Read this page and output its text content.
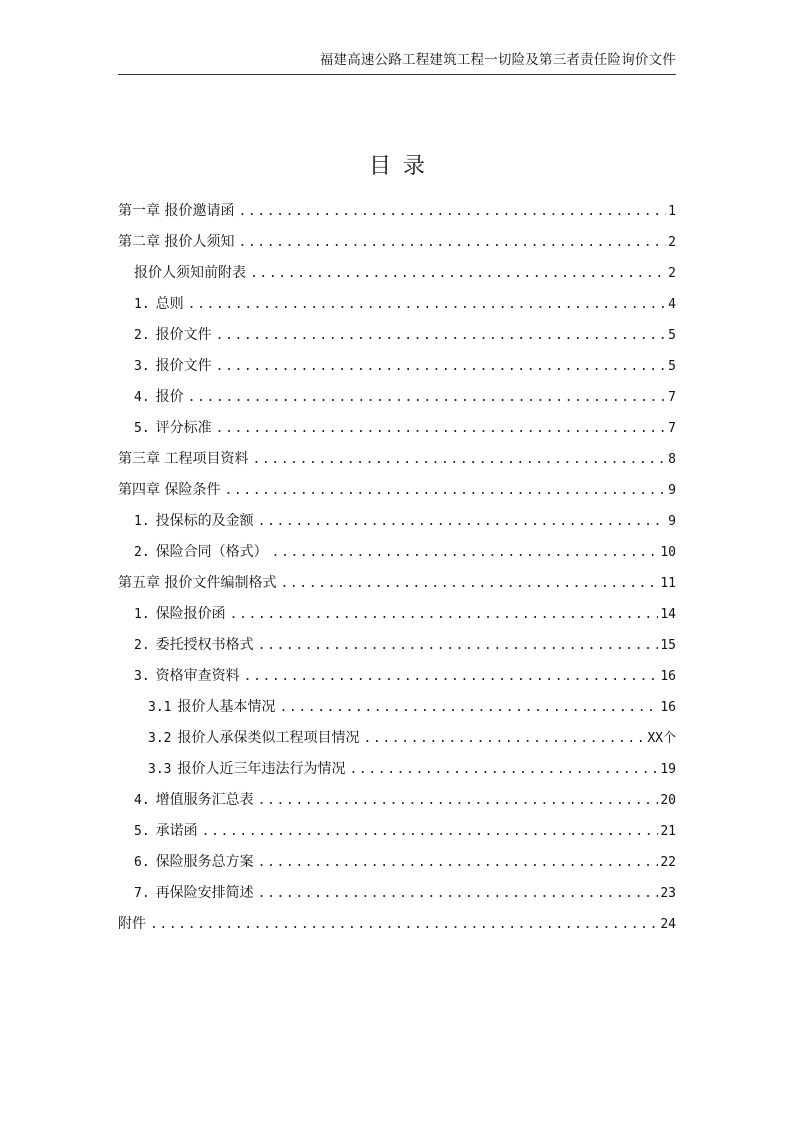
福建高速公路工程建筑工程一切险及第三者责任险询价文件
目 录
第一章 报价邀请函 .....	1
第二章 报价人须知 .....	2
报价人须知前附表 .....	2
1. 总则 .....	4
2. 报价文件 .....	5
3. 报价文件 .....	5
4. 报价 .....	7
5. 评分标准 .....	7
第三章 工程项目资料 .....	8
第四章 保险条件 .....	9
1. 投保标的及金额 .....	9
2. 保险合同（格式） .....	10
第五章 报价文件编制格式 .....	11
1. 保险报价函 .....	14
2. 委托授权书格式 .....	15
3. 资格审查资料 .....	16
3.1 报价人基本情况 .....	16
3.2 报价人承保类似工程项目情况 .....	XX个
3.3 报价人近三年违法行为情况 .....	19
4. 增值服务汇总表 .....	20
5. 承诺函 .....	21
6. 保险服务总方案 .....	22
7. 再保险安排简述 .....	23
附件 .....	24
